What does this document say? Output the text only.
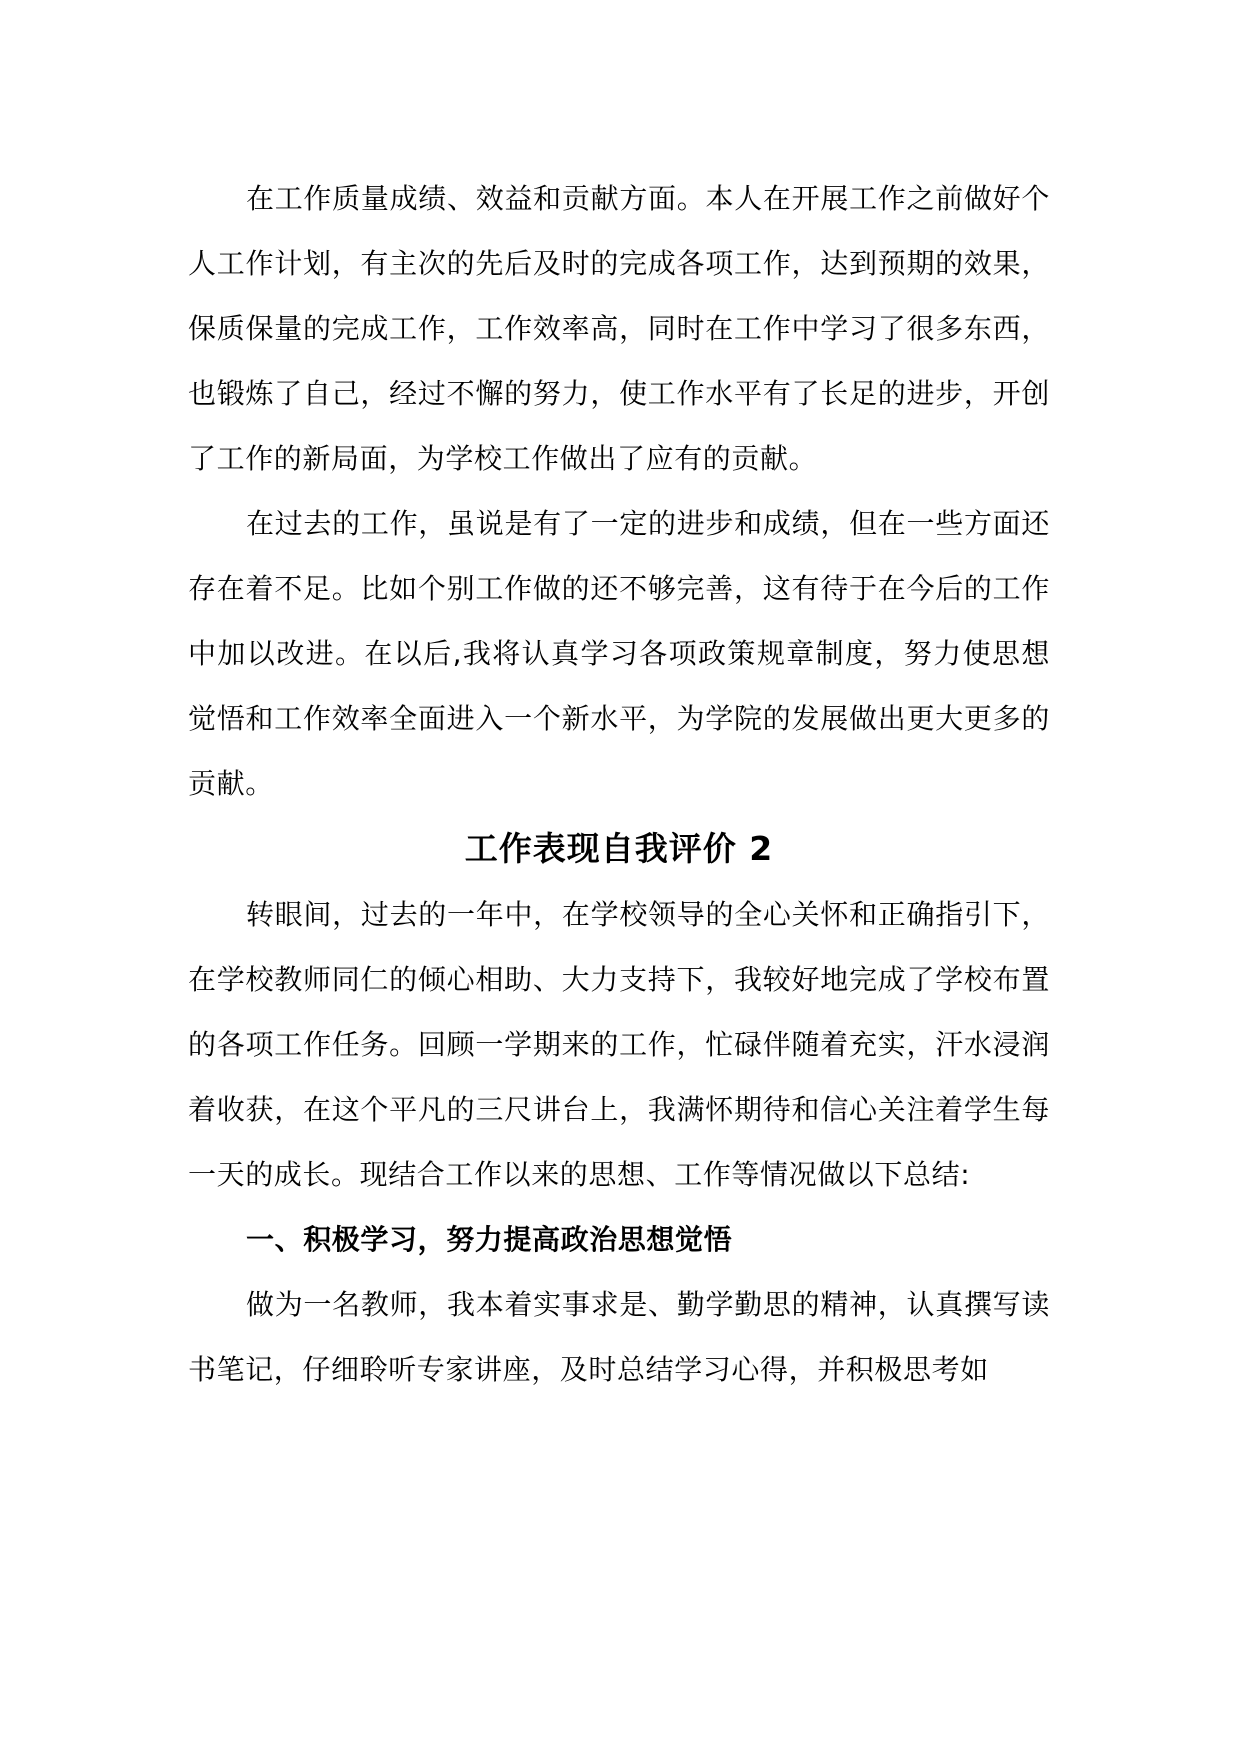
在工作质量成绩、效益和贡献方面。本人在开展工作之前做好个人工作计划，有主次的先后及时的完成各项工作，达到预期的效果，保质保量的完成工作，工作效率高，同时在工作中学习了很多东西，也锻炼了自己，经过不懈的努力，使工作水平有了长足的进步，开创了工作的新局面，为学校工作做出了应有的贡献。

在过去的工作，虽说是有了一定的进步和成绩，但在一些方面还存在着不足。比如个别工作做的还不够完善，这有待于在今后的工作中加以改进。在以后,我将认真学习各项政策规章制度，努力使思想觉悟和工作效率全面进入一个新水平，为学院的发展做出更大更多的贡献。

工作表现自我评价 2

转眼间，过去的一年中，在学校领导的全心关怀和正确指引下，在学校教师同仁的倾心相助、大力支持下，我较好地完成了学校布置的各项工作任务。回顾一学期来的工作，忙碌伴随着充实，汗水浸润着收获，在这个平凡的三尺讲台上，我满怀期待和信心关注着学生每一天的成长。现结合工作以来的思想、工作等情况做以下总结:

一、积极学习，努力提高政治思想觉悟

做为一名教师，我本着实事求是、勤学勤思的精神，认真撰写读书笔记，仔细聆听专家讲座，及时总结学习心得，并积极思考如
